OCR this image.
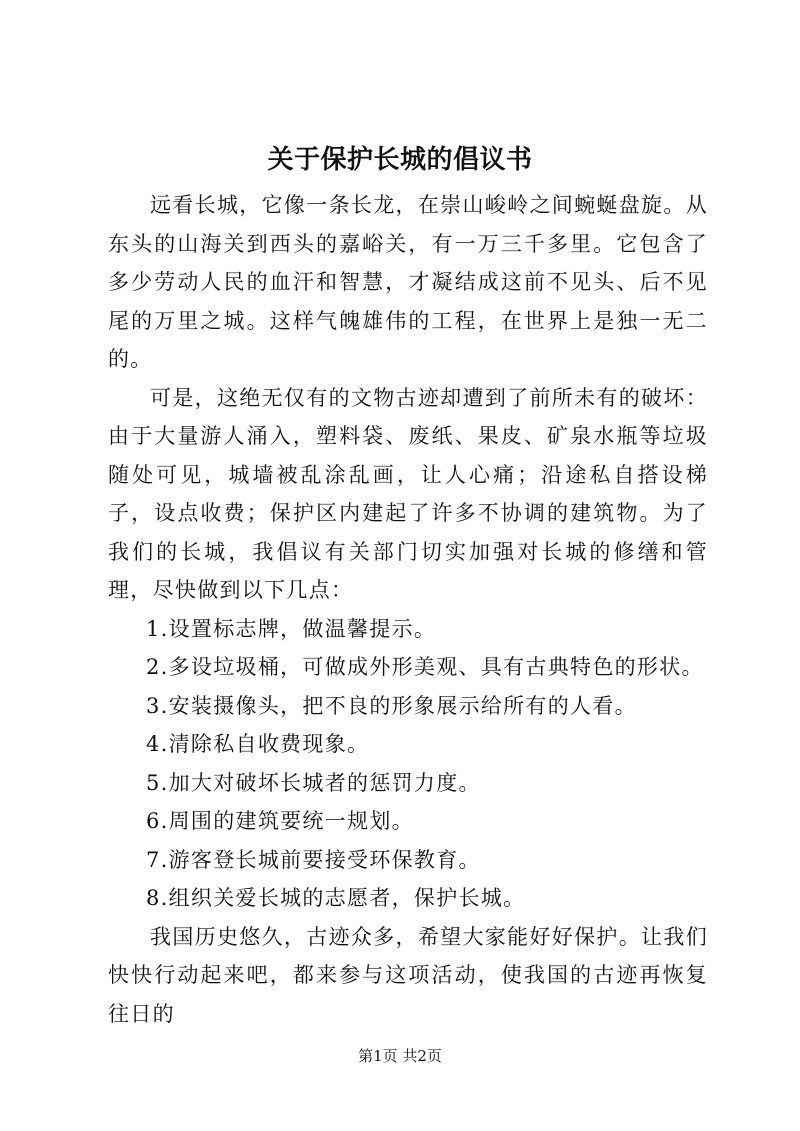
关于保护长城的倡议书

远看长城，它像一条长龙，在崇山峻岭之间蜿蜒盘旋。从东头的山海关到西头的嘉峪关，有一万三千多里。它包含了多少劳动人民的血汗和智慧，才凝结成这前不见头、后不见尾的万里之城。这样气魄雄伟的工程，在世界上是独一无二的。

可是，这绝无仅有的文物古迹却遭到了前所未有的破坏：由于大量游人涌入，塑料袋、废纸、果皮、矿泉水瓶等垃圾随处可见，城墙被乱涂乱画，让人心痛；沿途私自搭设梯子，设点收费；保护区内建起了许多不协调的建筑物。为了我们的长城，我倡议有关部门切实加强对长城的修缮和管理，尽快做到以下几点：

1.设置标志牌，做温馨提示。

2.多设垃圾桶，可做成外形美观、具有古典特色的形状。

3.安装摄像头，把不良的形象展示给所有的人看。

4.清除私自收费现象。

5.加大对破坏长城者的惩罚力度。

6.周围的建筑要统一规划。

7.游客登长城前要接受环保教育。

8.组织关爱长城的志愿者，保护长城。

我国历史悠久，古迹众多，希望大家能好好保护。让我们快快行动起来吧，都来参与这项活动，使我国的古迹再恢复往日的

第1页 共2页
